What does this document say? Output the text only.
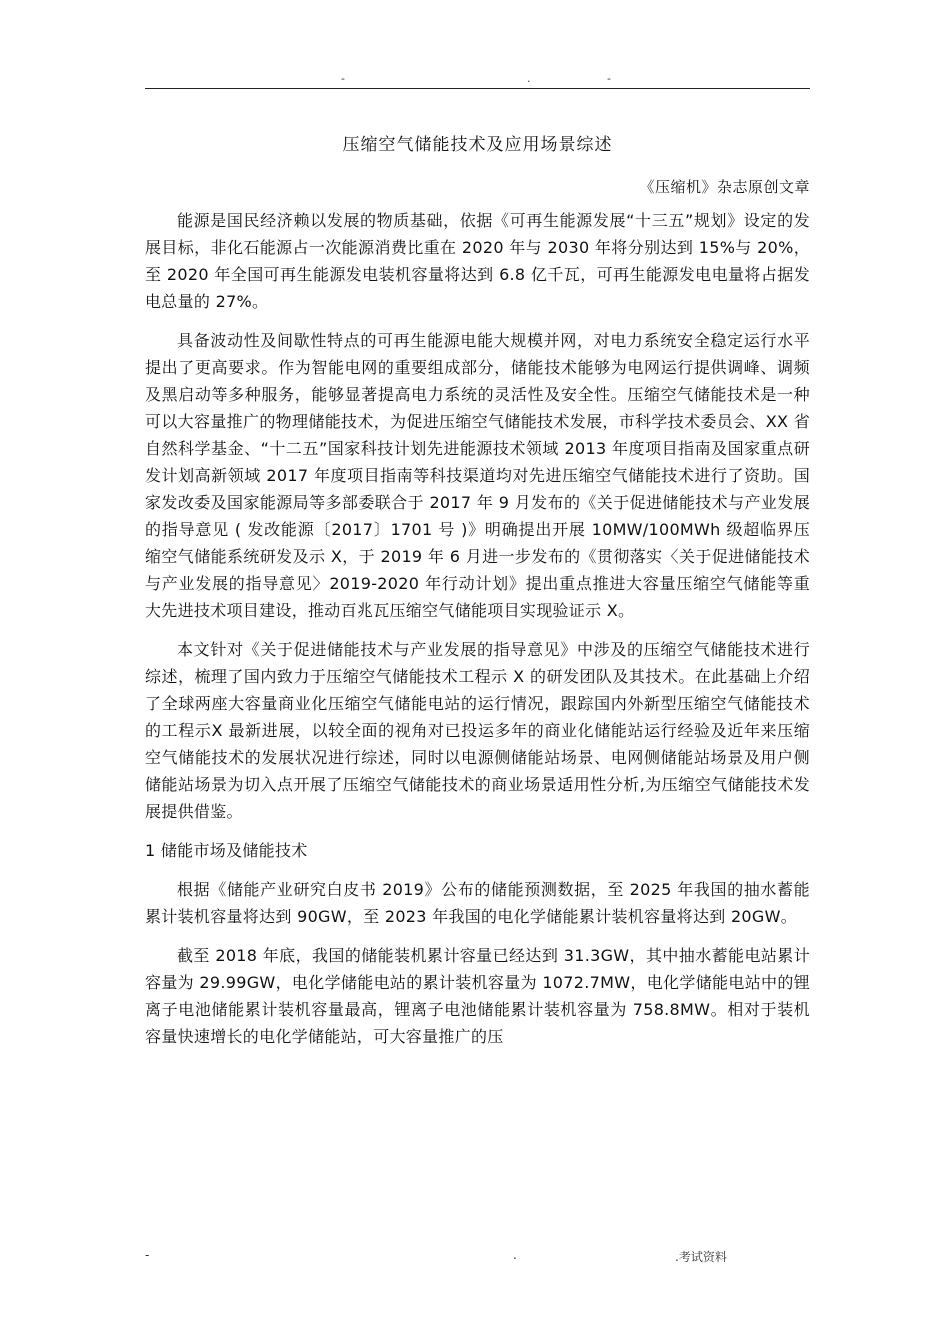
-	.	-
压缩空气储能技术及应用场景综述
《压缩机》杂志原创文章

能源是国民经济赖以发展的物质基础，依据《可再生能源发展“十三五”规划》设定的发展目标，非化石能源占一次能源消费比重在 2020 年与 2030 年将分别达到 15%与 20%，至 2020 年全国可再生能源发电装机容量将达到 6.8 亿千瓦，可再生能源发电电量将占据发电总量的 27%。

具备波动性及间歇性特点的可再生能源电能大规模并网，对电力系统安全稳定运行水平提出了更高要求。作为智能电网的重要组成部分，储能技术能够为电网运行提供调峰、调频及黑启动等多种服务，能够显著提高电力系统的灵活性及安全性。压缩空气储能技术是一种可以大容量推广的物理储能技术，为促进压缩空气储能技术发展，市科学技术委员会、XX 省自然科学基金、“十二五”国家科技计划先进能源技术领域 2013 年度项目指南及国家重点研发计划高新领域 2017 年度项目指南等科技渠道均对先进压缩空气储能技术进行了资助。国家发改委及国家能源局等多部委联合于 2017 年 9 月发布的《关于促进储能技术与产业发展的指导意见 ( 发改能源〔2017〕1701 号 )》明确提出开展 10MW/100MWh 级超临界压缩空气储能系统研发及示 X，于 2019 年 6 月进一步发布的《贯彻落实〈关于促进储能技术与产业发展的指导意见〉2019-2020 年行动计划》提出重点推进大容量压缩空气储能等重大先进技术项目建设，推动百兆瓦压缩空气储能项目实现验证示 X。

本文针对《关于促进储能技术与产业发展的指导意见》中涉及的压缩空气储能技术进行综述，梳理了国内致力于压缩空气储能技术工程示 X 的研发团队及其技术。在此基础上介绍了全球两座大容量商业化压缩空气储能电站的运行情况，跟踪国内外新型压缩空气储能技术的工程示X 最新进展，以较全面的视角对已投运多年的商业化储能站运行经验及近年来压缩空气储能技术的发展状况进行综述，同时以电源侧储能站场景、电网侧储能站场景及用户侧储能站场景为切入点开展了压缩空气储能技术的商业场景适用性分析,为压缩空气储能技术发展提供借鉴。

1 储能市场及储能技术

根据《储能产业研究白皮书 2019》公布的储能预测数据，至 2025 年我国的抽水蓄能累计装机容量将达到 90GW，至 2023 年我国的电化学储能累计装机容量将达到 20GW。

截至 2018 年底，我国的储能装机累计容量已经达到 31.3GW，其中抽水蓄能电站累计容量为 29.99GW，电化学储能电站的累计装机容量为 1072.7MW，电化学储能电站中的锂离子电池储能累计装机容量最高，锂离子电池储能累计装机容量为 758.8MW。相对于装机容量快速增长的电化学储能站，可大容量推广的压

-	.	.考试资料
